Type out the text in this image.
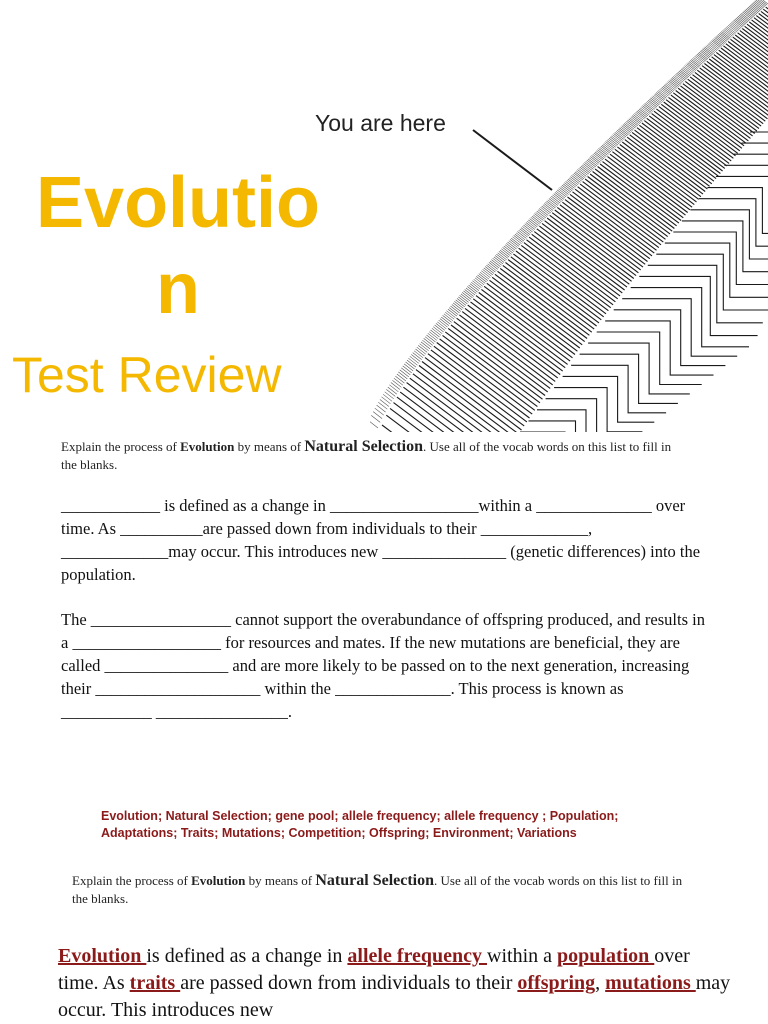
Evolutio
n
Test Review
You are here
Explain the process of Evolution by means of Natural Selection. Use all of the vocab words on this list to fill in the blanks.

____________ is defined as a change in __________________within a ______________ over time. As __________are passed down from individuals to their _____________, _____________may occur. This introduces new _______________ (genetic differences) into the population.

The _________________ cannot support the overabundance of offspring produced, and results in a __________________ for resources and mates. If the new mutations are beneficial, they are called _______________ and are more likely to be passed on to the next generation, increasing their ____________________ within the ______________. This process is known as ___________ ________________.

Evolution; Natural Selection; gene pool; allele frequency; allele frequency ; Population; Adaptations; Traits; Mutations; Competition; Offspring; Environment; Variations
Explain the process of Evolution by means of Natural Selection. Use all of the vocab words on this list to fill in the blanks.
Evolution is defined as a change in allele frequency within a population over time. As traits are passed down from individuals to their offspring, mutations may occur. This introduces new
